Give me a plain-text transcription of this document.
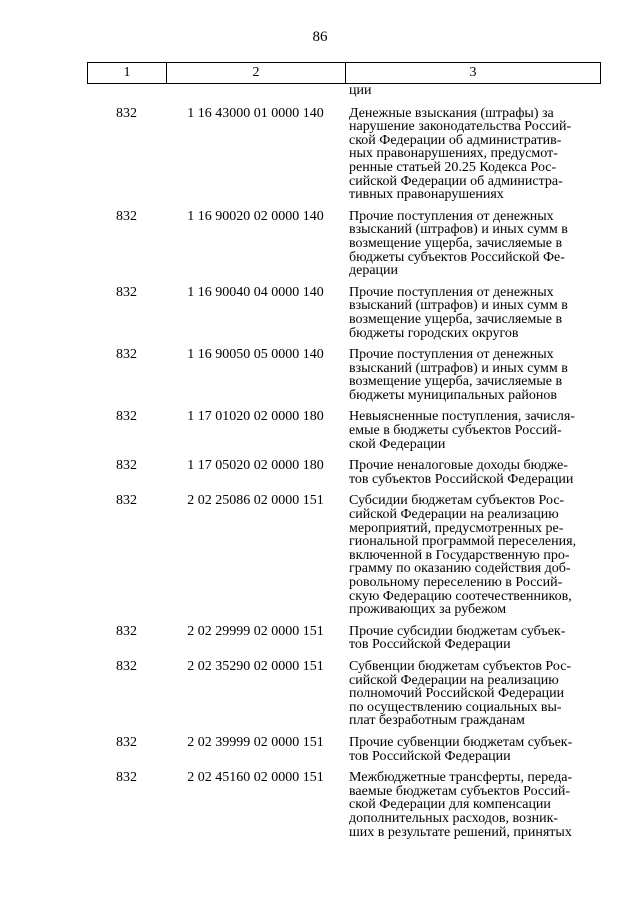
86
1	2	3
ции
832	1 16 43000 01 0000 140	Денежные взыскания (штрафы) за
нарушение законодательства Россий-
ской Федерации об административ-
ных правонарушениях, предусмот-
ренные статьей 20.25 Кодекса Рос-
сийской Федерации об администра-
тивных правонарушениях
832	1 16 90020 02 0000 140	Прочие поступления от денежных
взысканий (штрафов) и иных сумм в
возмещение ущерба, зачисляемые в
бюджеты субъектов Российской Фе-
дерации
832	1 16 90040 04 0000 140	Прочие поступления от денежных
взысканий (штрафов) и иных сумм в
возмещение ущерба, зачисляемые в
бюджеты городских округов
832	1 16 90050 05 0000 140	Прочие поступления от денежных
взысканий (штрафов) и иных сумм в
возмещение ущерба, зачисляемые в
бюджеты муниципальных районов
832	1 17 01020 02 0000 180	Невыясненные поступления, зачисля-
емые в бюджеты субъектов Россий-
ской Федерации
832	1 17 05020 02 0000 180	Прочие неналоговые доходы бюдже-
тов субъектов Российской Федерации
832	2 02 25086 02 0000 151	Субсидии бюджетам субъектов Рос-
сийской Федерации на реализацию
мероприятий, предусмотренных ре-
гиональной программой переселения,
включенной в Государственную про-
грамму по оказанию содействия доб-
ровольному переселению в Россий-
скую Федерацию соотечественников,
проживающих за рубежом
832	2 02 29999 02 0000 151	Прочие субсидии бюджетам субъек-
тов Российской Федерации
832	2 02 35290 02 0000 151	Субвенции бюджетам субъектов Рос-
сийской Федерации на реализацию
полномочий Российской Федерации
по осуществлению социальных вы-
плат безработным гражданам
832	2 02 39999 02 0000 151	Прочие субвенции бюджетам субъек-
тов Российской Федерации
832	2 02 45160 02 0000 151	Межбюджетные трансферты, переда-
ваемые бюджетам субъектов Россий-
ской Федерации для компенсации
дополнительных расходов, возник-
ших в результате решений, принятых
